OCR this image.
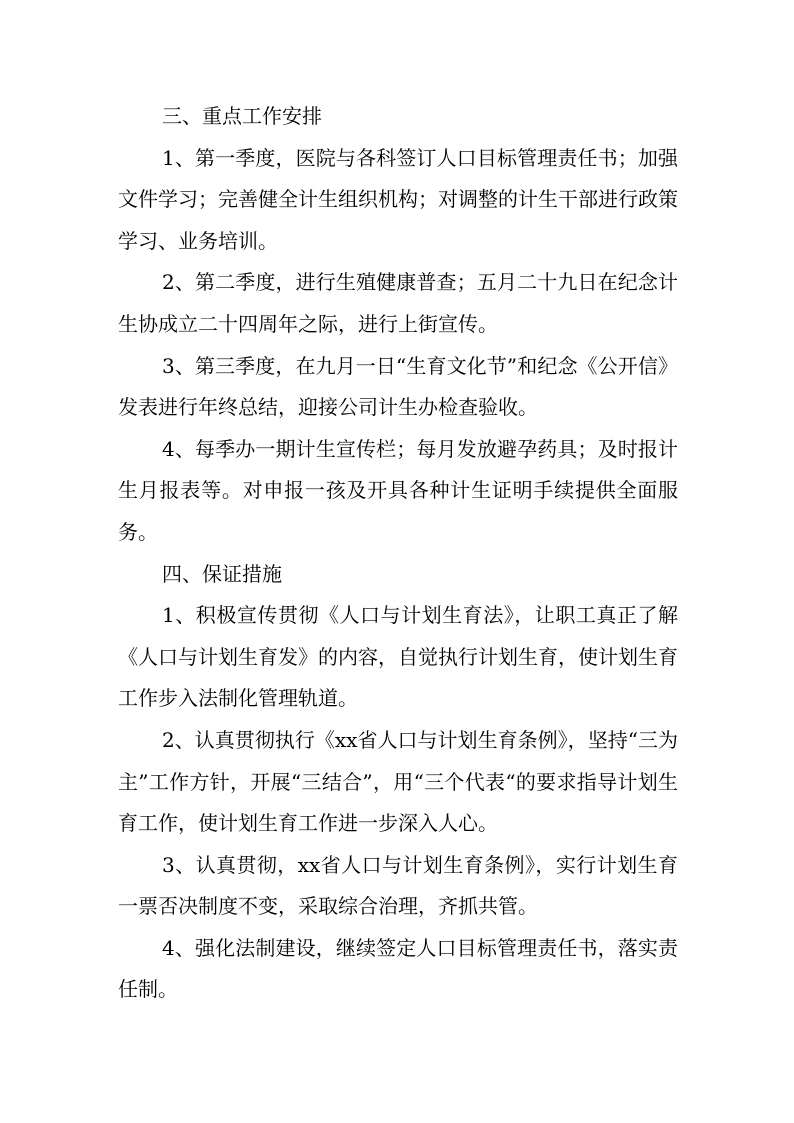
三、重点工作安排

1、第一季度，医院与各科签订人口目标管理责任书；加强文件学习；完善健全计生组织机构；对调整的计生干部进行政策学习、业务培训。

2、第二季度，进行生殖健康普查；五月二十九日在纪念计生协成立二十四周年之际，进行上街宣传。

3、第三季度，在九月一日“生育文化节”和纪念《公开信》发表进行年终总结，迎接公司计生办检查验收。

4、每季办一期计生宣传栏；每月发放避孕药具；及时报计生月报表等。对申报一孩及开具各种计生证明手续提供全面服务。

四、保证措施

1、积极宣传贯彻《人口与计划生育法》，让职工真正了解《人口与计划生育发》的内容，自觉执行计划生育，使计划生育工作步入法制化管理轨道。

2、认真贯彻执行《xx省人口与计划生育条例》，坚持“三为主”工作方针，开展“三结合”，用“三个代表“的要求指导计划生育工作，使计划生育工作进一步深入人心。

3、认真贯彻，xx省人口与计划生育条例》，实行计划生育一票否决制度不变，采取综合治理，齐抓共管。

4、强化法制建设，继续签定人口目标管理责任书，落实责任制。
